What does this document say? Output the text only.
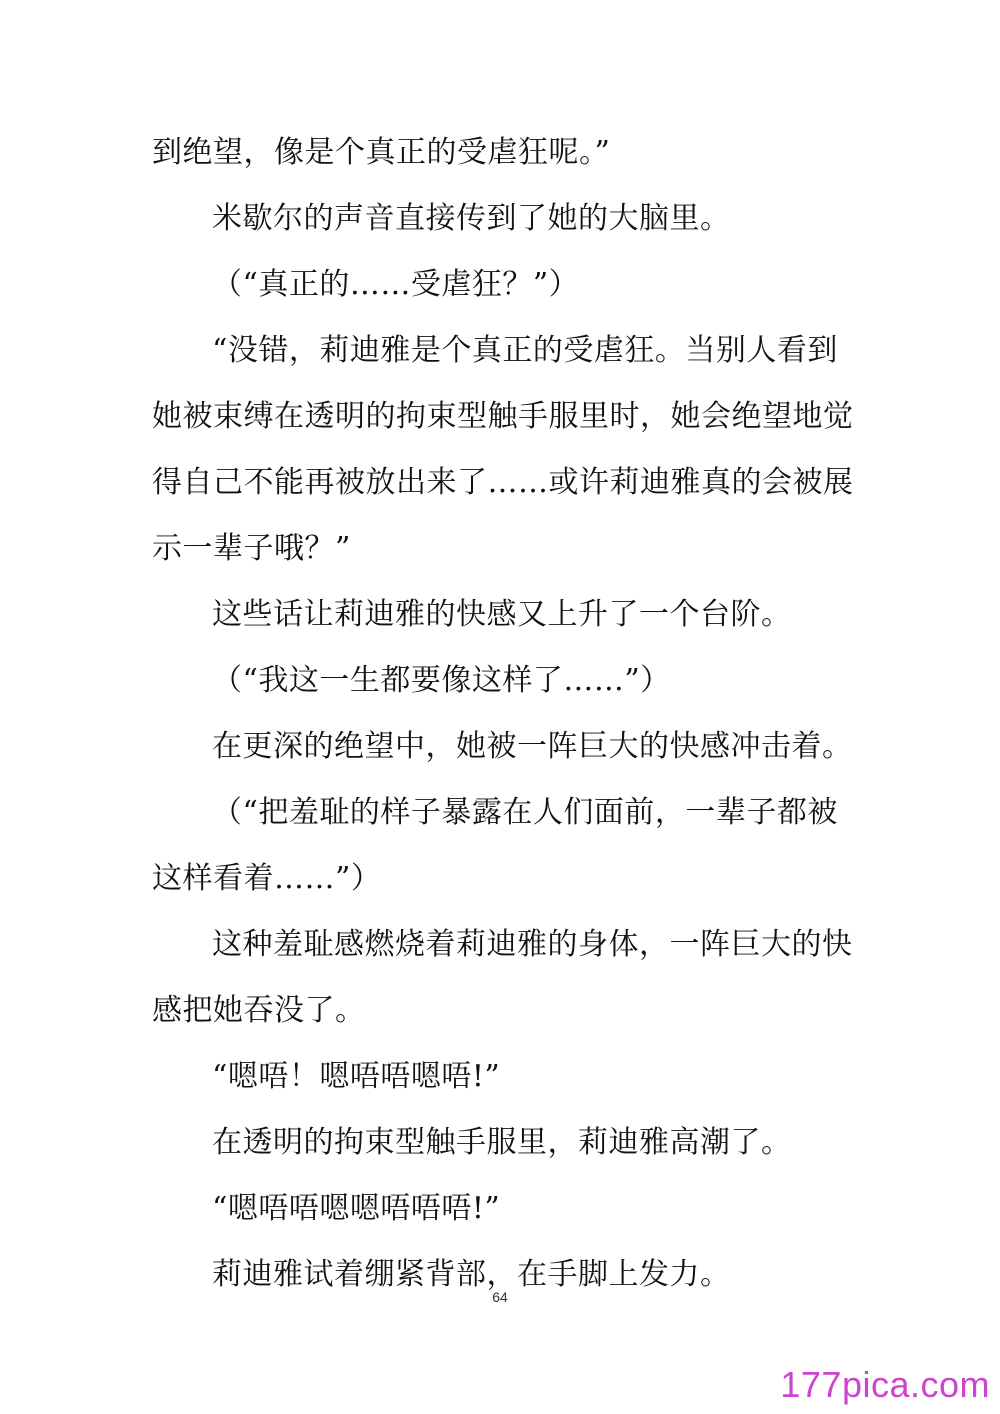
到绝望，像是个真正的受虐狂呢。”
米歇尔的声音直接传到了她的大脑里。
（“真正的……受虐狂？”）
“没错，莉迪雅是个真正的受虐狂。当别人看到
她被束缚在透明的拘束型触手服里时，她会绝望地觉
得自己不能再被放出来了……或许莉迪雅真的会被展
示一辈子哦？”
这些话让莉迪雅的快感又上升了一个台阶。
（“我这一生都要像这样了……”）
在更深的绝望中，她被一阵巨大的快感冲击着。
（“把羞耻的样子暴露在人们面前，一辈子都被
这样看着……”）
这种羞耻感燃烧着莉迪雅的身体，一阵巨大的快
感把她吞没了。
“嗯唔！嗯唔唔嗯唔!”
在透明的拘束型触手服里，莉迪雅高潮了。
“嗯唔唔嗯嗯唔唔唔!”
莉迪雅试着绷紧背部，在手脚上发力。
64
177pica.com
